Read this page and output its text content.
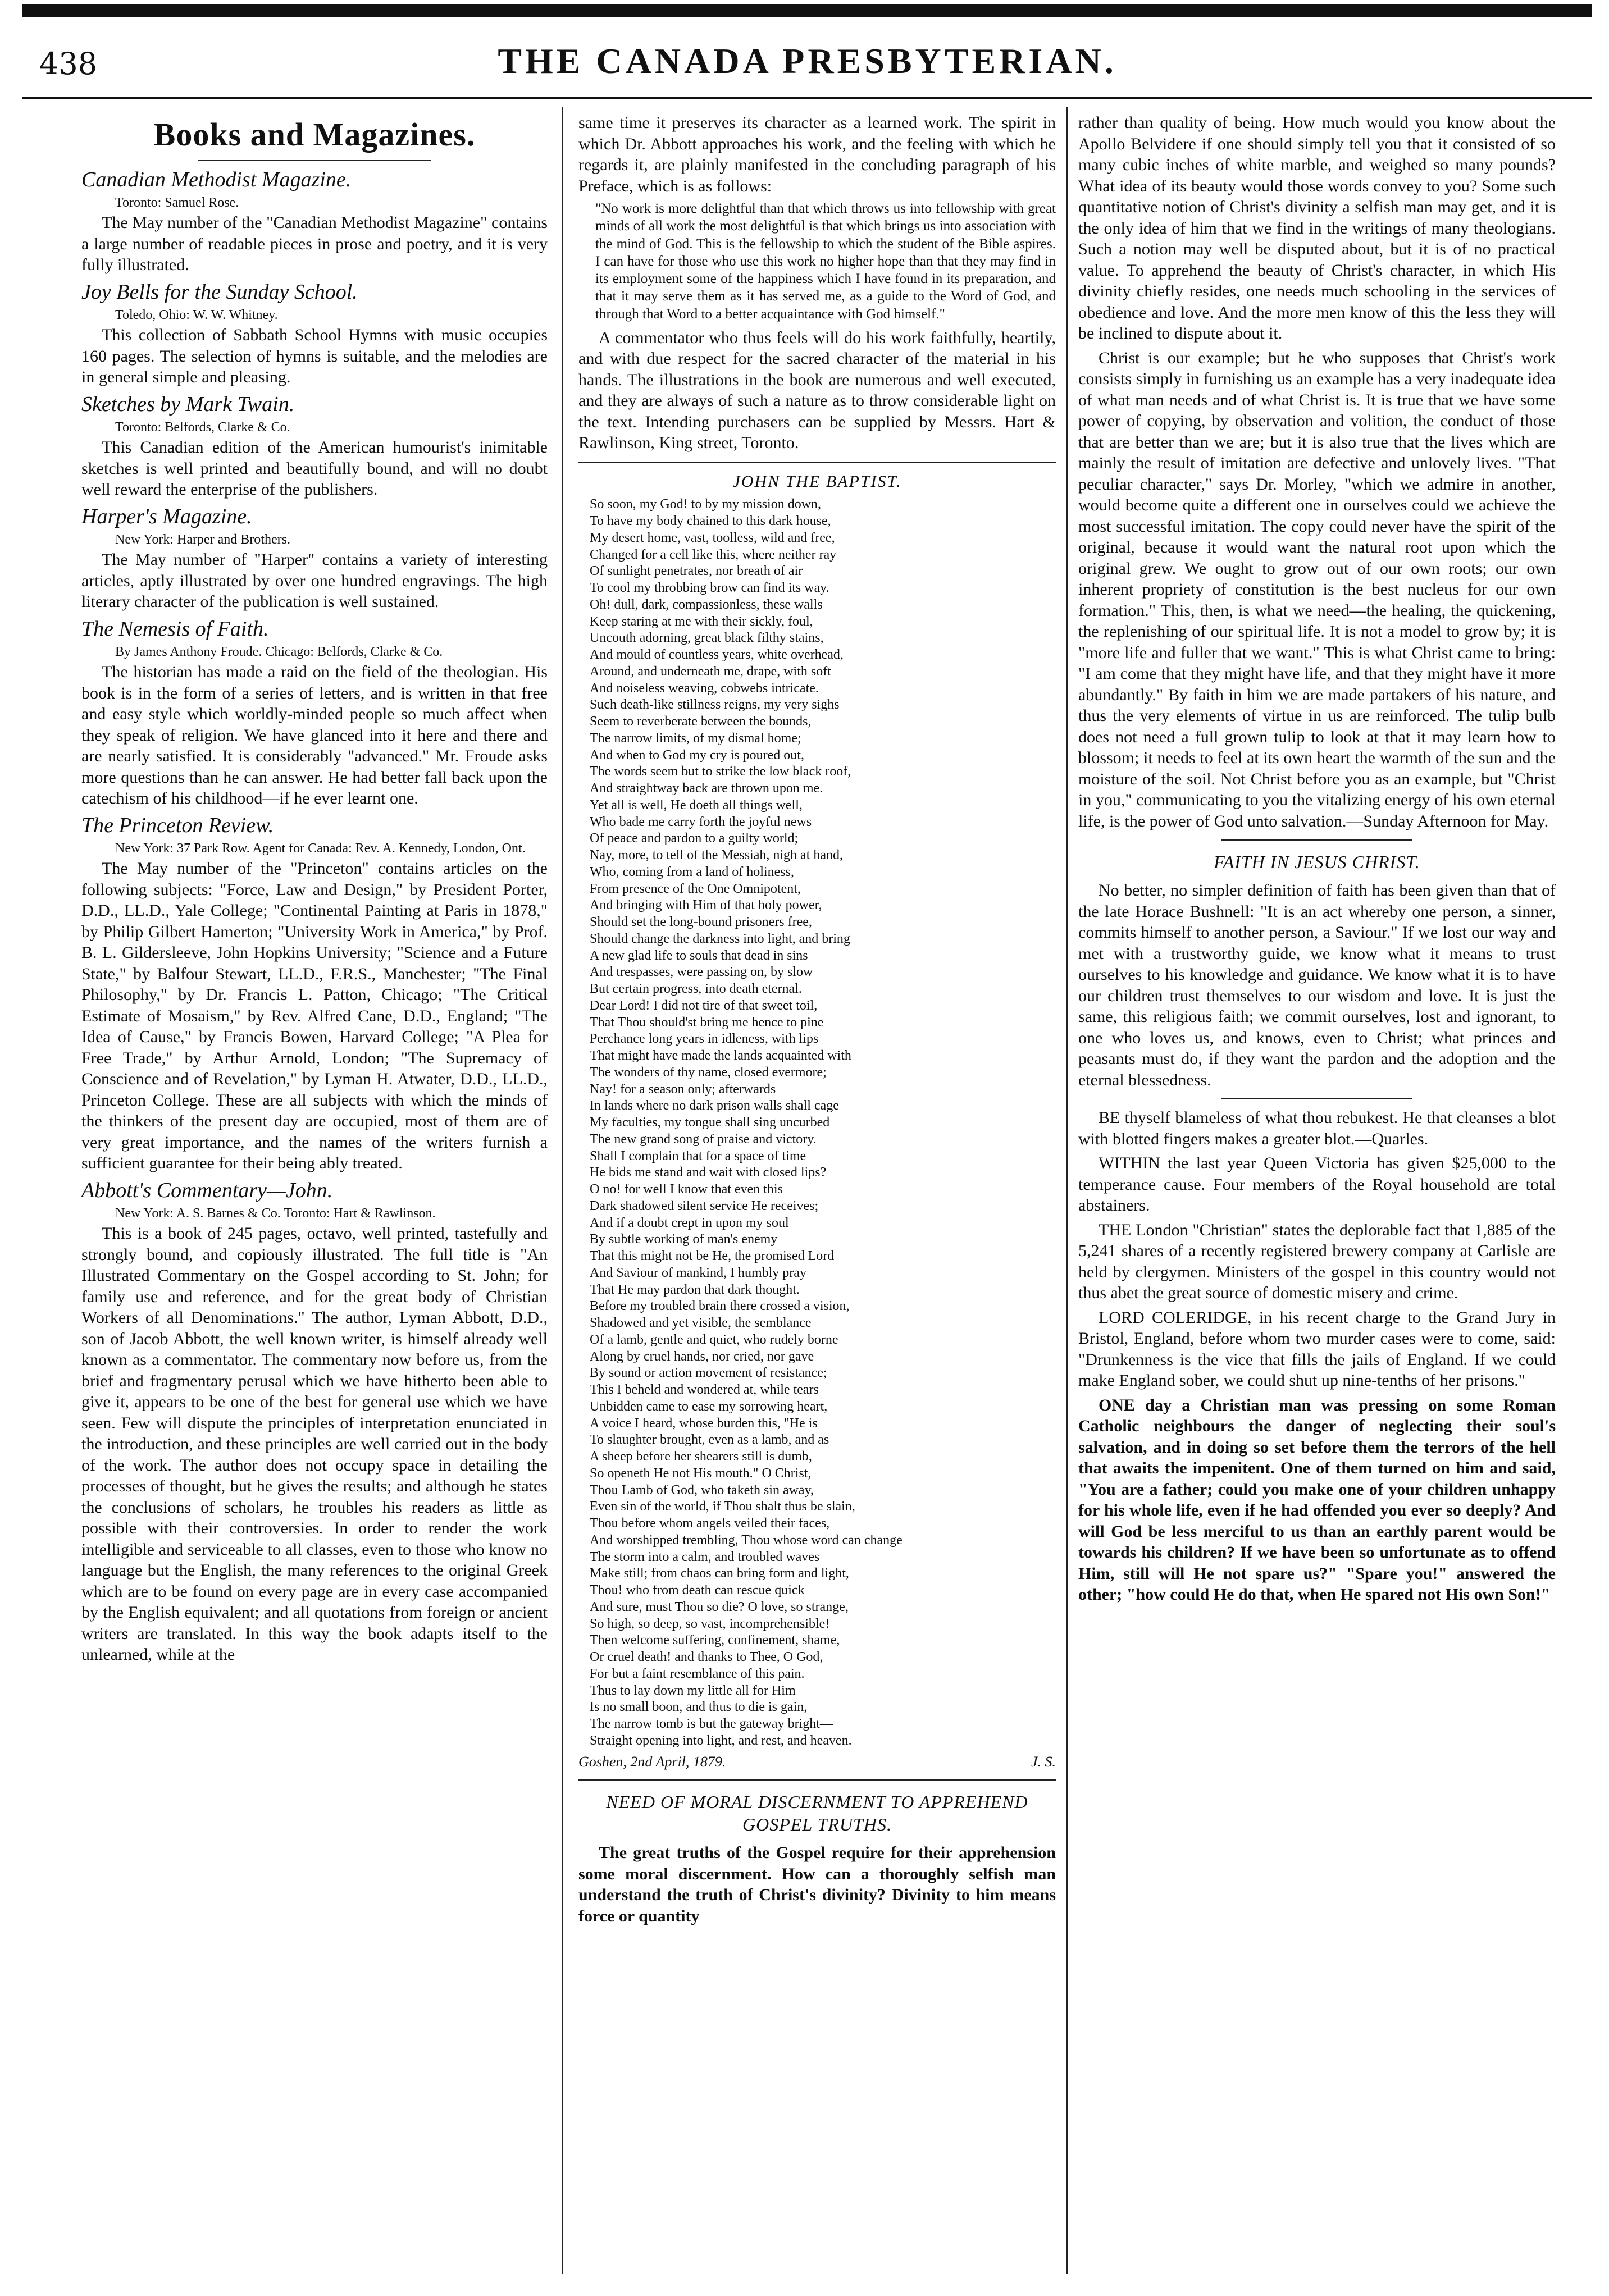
438	THE CANADA PRESBYTERIAN.
Books and Magazines.
Canadian Methodist Magazine.
Toronto: Samuel Rose.

The May number of the "Canadian Methodist Magazine" contains a large number of readable pieces in prose and poetry, and it is very fully illustrated.

Joy Bells for the Sunday School.
Toledo, Ohio: W. W. Whitney.

This collection of Sabbath School Hymns with music occupies 160 pages. The selection of hymns is suitable, and the melodies are in general simple and pleasing.

Sketches by Mark Twain.
Toronto: Belfords, Clarke & Co.

This Canadian edition of the American humourist's inimitable sketches is well printed and beautifully bound, and will no doubt well reward the enterprise of the publishers.

Harper's Magazine.
New York: Harper and Brothers.

The May number of "Harper" contains a variety of interesting articles, aptly illustrated by over one hundred engravings. The high literary character of the publication is well sustained.

The Nemesis of Faith.
By James Anthony Froude. Chicago: Belfords, Clarke & Co.

The historian has made a raid on the field of the theologian. His book is in the form of a series of letters, and is written in that free and easy style which worldly-minded people so much affect when they speak of religion. We have glanced into it here and there and are nearly satisfied. It is considerably "advanced." Mr. Froude asks more questions than he can answer. He had better fall back upon the catechism of his childhood—if he ever learnt one.

The Princeton Review.
New York: 37 Park Row. Agent for Canada: Rev. A. Kennedy, London, Ont.

The May number of the "Princeton" contains articles on the following subjects: "Force, Law and Design," by President Porter, D.D., LL.D., Yale College; "Continental Painting at Paris in 1878," by Philip Gilbert Hamerton; "University Work in America," by Prof. B. L. Gildersleeve, John Hopkins University; "Science and a Future State," by Balfour Stewart, LL.D., F.R.S., Manchester; "The Final Philosophy," by Dr. Francis L. Patton, Chicago; "The Critical Estimate of Mosaism," by Rev. Alfred Cane, D.D., England; "The Idea of Cause," by Francis Bowen, Harvard College; "A Plea for Free Trade," by Arthur Arnold, London; "The Supremacy of Conscience and of Revelation," by Lyman H. Atwater, D.D., LL.D., Princeton College. These are all subjects with which the minds of the thinkers of the present day are occupied, most of them are of very great importance, and the names of the writers furnish a sufficient guarantee for their being ably treated.

Abbott's Commentary—John.
New York: A. S. Barnes & Co. Toronto: Hart & Rawlinson.

This is a book of 245 pages, octavo, well printed, tastefully and strongly bound, and copiously illustrated. The full title is "An Illustrated Commentary on the Gospel according to St. John; for family use and reference, and for the great body of Christian Workers of all Denominations." The author, Lyman Abbott, D.D., son of Jacob Abbott, the well known writer, is himself already well known as a commentator. The commentary now before us, from the brief and fragmentary perusal which we have hitherto been able to give it, appears to be one of the best for general use which we have seen. Few will dispute the principles of interpretation enunciated in the introduction, and these principles are well carried out in the body of the work. The author does not occupy space in detailing the processes of thought, but he gives the results; and although he states the conclusions of scholars, he troubles his readers as little as possible with their controversies. In order to render the work intelligible and serviceable to all classes, even to those who know no language but the English, the many references to the original Greek which are to be found on every page are in every case accompanied by the English equivalent; and all quotations from foreign or ancient writers are translated. In this way the book adapts itself to the unlearned, while at the

same time it preserves its character as a learned work. The spirit in which Dr. Abbott approaches his work, and the feeling with which he regards it, are plainly manifested in the concluding paragraph of his Preface, which is as follows:

"No work is more delightful than that which throws us into fellowship with great minds of all work the most delightful is that which brings us into association with the mind of God. This is the fellowship to which the student of the Bible aspires. I can have for those who use this work no higher hope than that they may find in its employment some of the happiness which I have found in its preparation, and that it may serve them as it has served me, as a guide to the Word of God, and through that Word to a better acquaintance with God himself."

A commentator who thus feels will do his work faithfully, heartily, and with due respect for the sacred character of the material in his hands. The illustrations in the book are numerous and well executed, and they are always of such a nature as to throw considerable light on the text. Intending purchasers can be supplied by Messrs. Hart & Rawlinson, King street, Toronto.

JOHN THE BAPTIST.
So soon, my God! to by my mission down,
To have my body chained to this dark house,
My desert home, vast, toolless, wild and free,
Changed for a cell like this, where neither ray
Of sunlight penetrates, nor breath of air
To cool my throbbing brow can find its way.
Oh! dull, dark, compassionless, these walls
Keep staring at me with their sickly, foul,
Uncouth adorning, great black filthy stains,
And mould of countless years, white overhead,
Around, and underneath me, drape, with soft
And noiseless weaving, cobwebs intricate.
Such death-like stillness reigns, my very sighs
Seem to reverberate between the bounds,
The narrow limits, of my dismal home;
And when to God my cry is poured out,
The words seem but to strike the low black roof,
And straightway back are thrown upon me.
Yet all is well, He doeth all things well,
Who bade me carry forth the joyful news
Of peace and pardon to a guilty world;
Nay, more, to tell of the Messiah, nigh at hand,
Who, coming from a land of holiness,
From presence of the One Omnipotent,
And bringing with Him of that holy power,
Should set the long-bound prisoners free,
Should change the darkness into light, and bring
A new glad life to souls that dead in sins
And trespasses, were passing on, by slow
But certain progress, into death eternal.
Dear Lord! I did not tire of that sweet toil,
That Thou should'st bring me hence to pine
Perchance long years in idleness, with lips
That might have made the lands acquainted with
The wonders of thy name, closed evermore;
Nay! for a season only; afterwards
In lands where no dark prison walls shall cage
My faculties, my tongue shall sing uncurbed
The new grand song of praise and victory.
Shall I complain that for a space of time
He bids me stand and wait with closed lips?
O no! for well I know that even this
Dark shadowed silent service He receives;
And if a doubt crept in upon my soul
By subtle working of man's enemy
That this might not be He, the promised Lord
And Saviour of mankind, I humbly pray
That He may pardon that dark thought.
Before my troubled brain there crossed a vision,
Shadowed and yet visible, the semblance
Of a lamb, gentle and quiet, who rudely borne
Along by cruel hands, nor cried, nor gave
By sound or action movement of resistance;
This I beheld and wondered at, while tears
Unbidden came to ease my sorrowing heart,
A voice I heard, whose burden this, "He is
To slaughter brought, even as a lamb, and as
A sheep before her shearers still is dumb,
So openeth He not His mouth." O Christ,
Thou Lamb of God, who taketh sin away,
Even sin of the world, if Thou shalt thus be slain,
Thou before whom angels veiled their faces,
And worshipped trembling, Thou whose word can change
The storm into a calm, and troubled waves
Make still; from chaos can bring form and light,
Thou! who from death can rescue quick
And sure, must Thou so die? O love, so strange,
So high, so deep, so vast, incomprehensible!
Then welcome suffering, confinement, shame,
Or cruel death! and thanks to Thee, O God,
For but a faint resemblance of this pain.
Thus to lay down my little all for Him
Is no small boon, and thus to die is gain,
The narrow tomb is but the gateway bright—
Straight opening into light, and rest, and heaven.
Goshen, 2nd April, 1879.	J. S.
NEED OF MORAL DISCERNMENT TO APPREHEND GOSPEL TRUTHS.

The great truths of the Gospel require for their apprehension some moral discernment. How can a thoroughly selfish man understand the truth of Christ's divinity? Divinity to him means force or quantity

rather than quality of being. How much would you know about the Apollo Belvidere if one should simply tell you that it consisted of so many cubic inches of white marble, and weighed so many pounds? What idea of its beauty would those words convey to you? Some such quantitative notion of Christ's divinity a selfish man may get, and it is the only idea of him that we find in the writings of many theologians. Such a notion may well be disputed about, but it is of no practical value. To apprehend the beauty of Christ's character, in which His divinity chiefly resides, one needs much schooling in the services of obedience and love. And the more men know of this the less they will be inclined to dispute about it.

Christ is our example; but he who supposes that Christ's work consists simply in furnishing us an example has a very inadequate idea of what man needs and of what Christ is. It is true that we have some power of copying, by observation and volition, the conduct of those that are better than we are; but it is also true that the lives which are mainly the result of imitation are defective and unlovely lives. "That peculiar character," says Dr. Morley, "which we admire in another, would become quite a different one in ourselves could we achieve the most successful imitation. The copy could never have the spirit of the original, because it would want the natural root upon which the original grew. We ought to grow out of our own roots; our own inherent propriety of constitution is the best nucleus for our own formation." This, then, is what we need—the healing, the quickening, the replenishing of our spiritual life. It is not a model to grow by; it is "more life and fuller that we want." This is what Christ came to bring: "I am come that they might have life, and that they might have it more abundantly." By faith in him we are made partakers of his nature, and thus the very elements of virtue in us are reinforced. The tulip bulb does not need a full grown tulip to look at that it may learn how to blossom; it needs to feel at its own heart the warmth of the sun and the moisture of the soil. Not Christ before you as an example, but "Christ in you," communicating to you the vitalizing energy of his own eternal life, is the power of God unto salvation.—Sunday Afternoon for May.

FAITH IN JESUS CHRIST.

No better, no simpler definition of faith has been given than that of the late Horace Bushnell: "It is an act whereby one person, a sinner, commits himself to another person, a Saviour." If we lost our way and met with a trustworthy guide, we know what it means to trust ourselves to his knowledge and guidance. We know what it is to have our children trust themselves to our wisdom and love. It is just the same, this religious faith; we commit ourselves, lost and ignorant, to one who loves us, and knows, even to Christ; what princes and peasants must do, if they want the pardon and the adoption and the eternal blessedness.

BE thyself blameless of what thou rebukest. He that cleanses a blot with blotted fingers makes a greater blot.—Quarles.

WITHIN the last year Queen Victoria has given $25,000 to the temperance cause. Four members of the Royal household are total abstainers.

THE London "Christian" states the deplorable fact that 1,885 of the 5,241 shares of a recently registered brewery company at Carlisle are held by clergymen. Ministers of the gospel in this country would not thus abet the great source of domestic misery and crime.

LORD COLERIDGE, in his recent charge to the Grand Jury in Bristol, England, before whom two murder cases were to come, said: "Drunkenness is the vice that fills the jails of England. If we could make England sober, we could shut up nine-tenths of her prisons."

ONE day a Christian man was pressing on some Roman Catholic neighbours the danger of neglecting their soul's salvation, and in doing so set before them the terrors of the hell that awaits the impenitent. One of them turned on him and said, "You are a father; could you make one of your children unhappy for his whole life, even if he had offended you ever so deeply? And will God be less merciful to us than an earthly parent would be towards his children? If we have been so unfortunate as to offend Him, still will He not spare us?" "Spare you!" answered the other; "how could He do that, when He spared not His own Son!"
